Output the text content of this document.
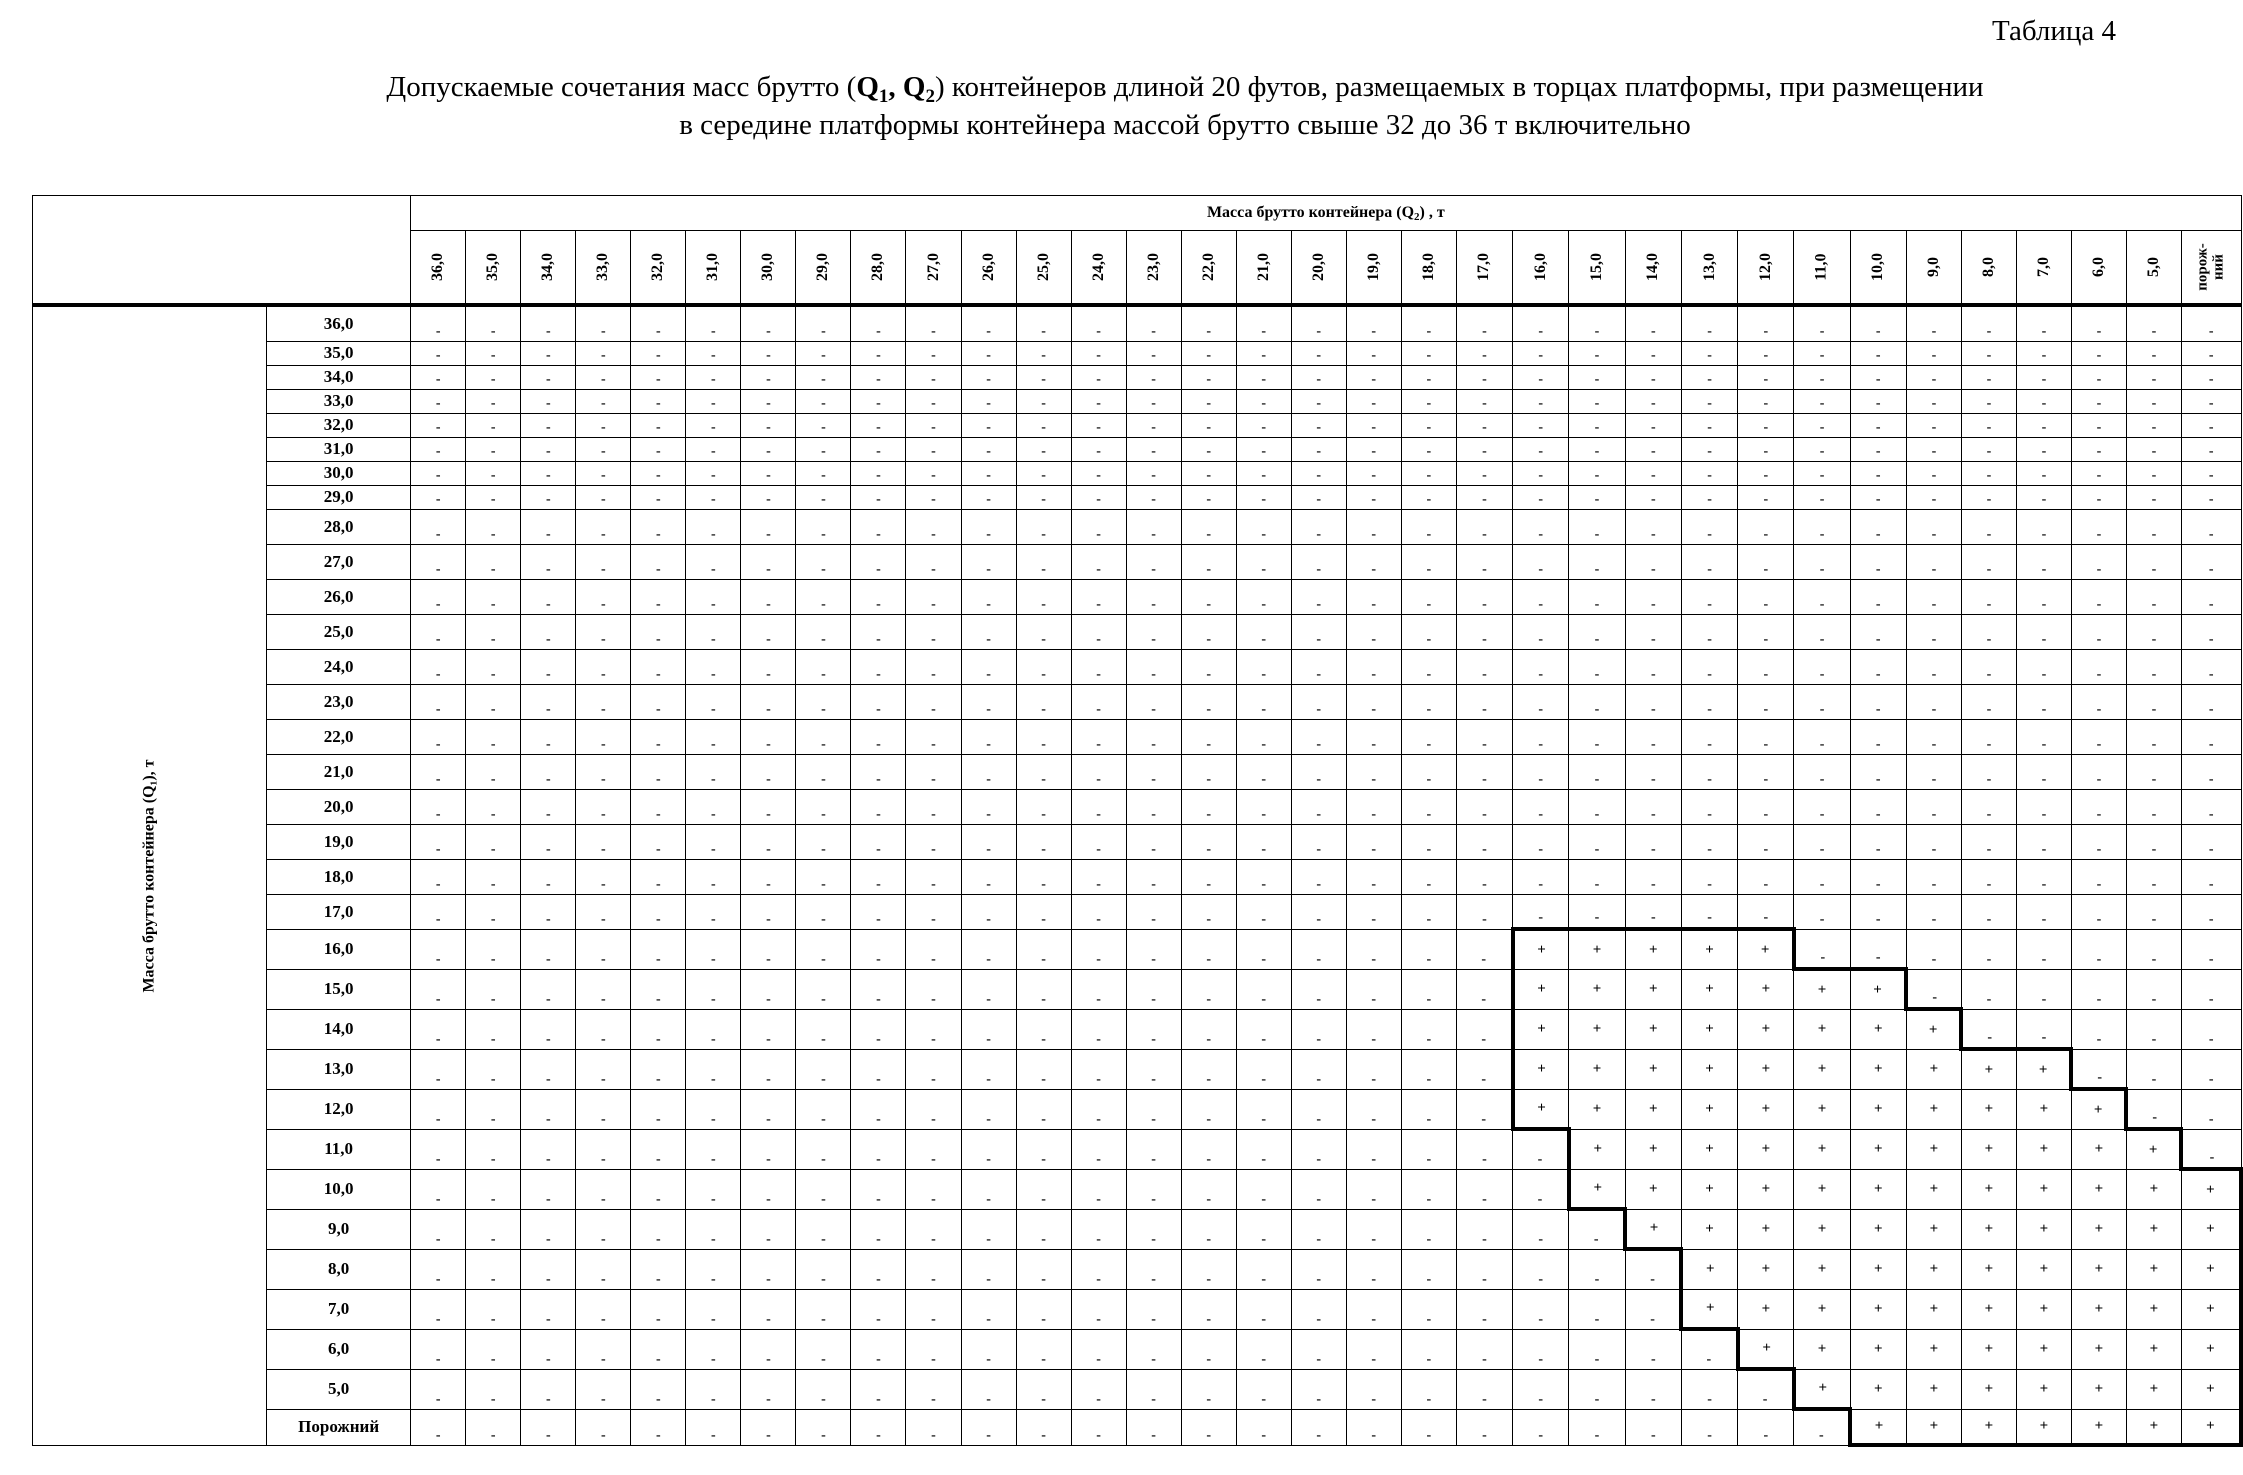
Таблица 4
Допускаемые сочетания масс брутто ($Q_1$, $Q_2$) контейнеров длиной 20 футов, размещаемых в торцах платформы, при размещении
в середине платформы контейнера массой брутто свыше 32 до 36 т включительно
		Масса брутто контейнера $(Q_2)$ , т																																
		36,0	35,0	34,0	33,0	32,0	31,0	30,0	29,0	28,0	27,0	26,0	25,0	24,0	23,0	22,0	21,0	20,0	19,0	18,0	17,0	16,0	15,0	14,0	13,0	12,0	11,0	10,0	9,0	8,0	7,0	6,0	5,0	порож-
ний
Масса брутто контейнера (Q₁), т	36,0	-	-	-	-	-	-	-	-	-	-	-	-	-	-	-	-	-	-	-	-	-	-	-	-	-	-	-	-	-	-	-	-	-
	35,0	-	-	-	-	-	-	-	-	-	-	-	-	-	-	-	-	-	-	-	-	-	-	-	-	-	-	-	-	-	-	-	-	-
	34,0	-	-	-	-	-	-	-	-	-	-	-	-	-	-	-	-	-	-	-	-	-	-	-	-	-	-	-	-	-	-	-	-	-
	33,0	-	-	-	-	-	-	-	-	-	-	-	-	-	-	-	-	-	-	-	-	-	-	-	-	-	-	-	-	-	-	-	-	-
	32,0	-	-	-	-	-	-	-	-	-	-	-	-	-	-	-	-	-	-	-	-	-	-	-	-	-	-	-	-	-	-	-	-	-
	31,0	-	-	-	-	-	-	-	-	-	-	-	-	-	-	-	-	-	-	-	-	-	-	-	-	-	-	-	-	-	-	-	-	-
	30,0	-	-	-	-	-	-	-	-	-	-	-	-	-	-	-	-	-	-	-	-	-	-	-	-	-	-	-	-	-	-	-	-	-
	29,0	-	-	-	-	-	-	-	-	-	-	-	-	-	-	-	-	-	-	-	-	-	-	-	-	-	-	-	-	-	-	-	-	-
	28,0	-	-	-	-	-	-	-	-	-	-	-	-	-	-	-	-	-	-	-	-	-	-	-	-	-	-	-	-	-	-	-	-	-
	27,0	-	-	-	-	-	-	-	-	-	-	-	-	-	-	-	-	-	-	-	-	-	-	-	-	-	-	-	-	-	-	-	-	-
	26,0	-	-	-	-	-	-	-	-	-	-	-	-	-	-	-	-	-	-	-	-	-	-	-	-	-	-	-	-	-	-	-	-	-
	25,0	-	-	-	-	-	-	-	-	-	-	-	-	-	-	-	-	-	-	-	-	-	-	-	-	-	-	-	-	-	-	-	-	-
	24,0	-	-	-	-	-	-	-	-	-	-	-	-	-	-	-	-	-	-	-	-	-	-	-	-	-	-	-	-	-	-	-	-	-
	23,0	-	-	-	-	-	-	-	-	-	-	-	-	-	-	-	-	-	-	-	-	-	-	-	-	-	-	-	-	-	-	-	-	-
	22,0	-	-	-	-	-	-	-	-	-	-	-	-	-	-	-	-	-	-	-	-	-	-	-	-	-	-	-	-	-	-	-	-	-
	21,0	-	-	-	-	-	-	-	-	-	-	-	-	-	-	-	-	-	-	-	-	-	-	-	-	-	-	-	-	-	-	-	-	-
	20,0	-	-	-	-	-	-	-	-	-	-	-	-	-	-	-	-	-	-	-	-	-	-	-	-	-	-	-	-	-	-	-	-	-
	19,0	-	-	-	-	-	-	-	-	-	-	-	-	-	-	-	-	-	-	-	-	-	-	-	-	-	-	-	-	-	-	-	-	-
	18,0	-	-	-	-	-	-	-	-	-	-	-	-	-	-	-	-	-	-	-	-	-	-	-	-	-	-	-	-	-	-	-	-	-
	17,0	-	-	-	-	-	-	-	-	-	-	-	-	-	-	-	-	-	-	-	-	-	-	-	-	-	-	-	-	-	-	-	-	-
	16,0	-	-	-	-	-	-	-	-	-	-	-	-	-	-	-	-	-	-	-	-	+	+	+	+	+	-	-	-	-	-	-	-	-
	15,0	-	-	-	-	-	-	-	-	-	-	-	-	-	-	-	-	-	-	-	-	+	+	+	+	+	+	+	-	-	-	-	-	-
	14,0	-	-	-	-	-	-	-	-	-	-	-	-	-	-	-	-	-	-	-	-	+	+	+	+	+	+	+	+	-	-	-	-	-
	13,0	-	-	-	-	-	-	-	-	-	-	-	-	-	-	-	-	-	-	-	-	+	+	+	+	+	+	+	+	+	+	-	-	-
	12,0	-	-	-	-	-	-	-	-	-	-	-	-	-	-	-	-	-	-	-	-	+	+	+	+	+	+	+	+	+	+	+	-	-
	11,0	-	-	-	-	-	-	-	-	-	-	-	-	-	-	-	-	-	-	-	-	-	+	+	+	+	+	+	+	+	+	+	+	-
	10,0	-	-	-	-	-	-	-	-	-	-	-	-	-	-	-	-	-	-	-	-	-	+	+	+	+	+	+	+	+	+	+	+	+
	9,0	-	-	-	-	-	-	-	-	-	-	-	-	-	-	-	-	-	-	-	-	-	-	+	+	+	+	+	+	+	+	+	+	+
	8,0	-	-	-	-	-	-	-	-	-	-	-	-	-	-	-	-	-	-	-	-	-	-	-	+	+	+	+	+	+	+	+	+	+
	7,0	-	-	-	-	-	-	-	-	-	-	-	-	-	-	-	-	-	-	-	-	-	-	-	+	+	+	+	+	+	+	+	+	+
	6,0	-	-	-	-	-	-	-	-	-	-	-	-	-	-	-	-	-	-	-	-	-	-	-	-	+	+	+	+	+	+	+	+	+
	5,0	-	-	-	-	-	-	-	-	-	-	-	-	-	-	-	-	-	-	-	-	-	-	-	-	-	+	+	+	+	+	+	+	+
	Порожний	-	-	-	-	-	-	-	-	-	-	-	-	-	-	-	-	-	-	-	-	-	-	-	-	-	-	+	+	+	+	+	+	+
